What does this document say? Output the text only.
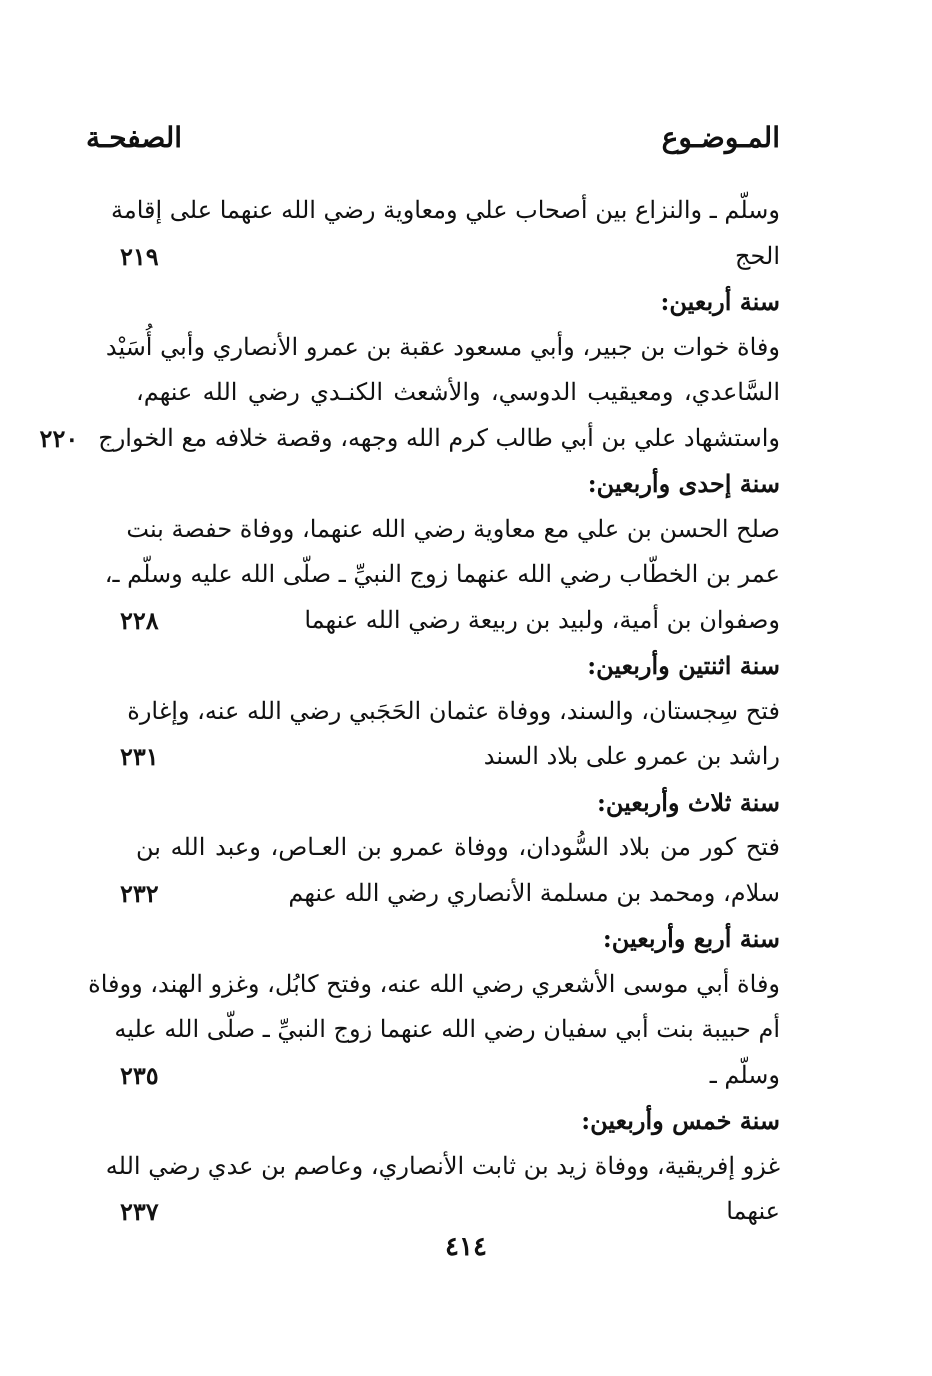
المـوضـوع
الصفحـة
وسلّم ـ والنزاع بين أصحاب علي ومعاوية رضي الله عنهما على إقامة
الحج
٢١٩
سنة أربعين:
وفاة خوات بن جبير، وأبي مسعود عقبة بن عمرو الأنصاري وأبي أُسَيْد
السَّاعدي، ومعيقيب الدوسي، والأشعث الكنـدي رضي الله عنهم،
واستشهاد علي بن أبي طالب كرم الله وجهه، وقصة خلافه مع الخوارج
٢٢٠
سنة إحدى وأربعين:
صلح الحسن بن علي مع معاوية رضي الله عنهما، ووفاة حفصة بنت
عمر بن الخطّاب رضي الله عنهما زوج النبيِّ ـ صلّى الله عليه وسلّم ـ،
وصفوان بن أمية، ولبيد بن ربيعة رضي الله عنهما
٢٢٨
سنة اثنتين وأربعين:
فتح سِجستان، والسند، ووفاة عثمان الحَجَبي رضي الله عنه، وإغارة
راشد بن عمرو على بلاد السند
٢٣١
سنة ثلاث وأربعين:
فتح كور من بلاد السُّودان، ووفاة عمرو بن العـاص، وعبد الله بن
سلام، ومحمد بن مسلمة الأنصاري رضي الله عنهم
٢٣٢
سنة أربع وأربعين:
وفاة أبي موسى الأشعري رضي الله عنه، وفتح كابُل، وغزو الهند، ووفاة
أم حبيبة بنت أبي سفيان رضي الله عنهما زوج النبيِّ ـ صلّى الله عليه
وسلّم ـ
٢٣٥
سنة خمس وأربعين:
غزو إفريقية، ووفاة زيد بن ثابت الأنصاري، وعاصم بن عدي رضي الله
عنهما
٢٣٧
٤١٤
